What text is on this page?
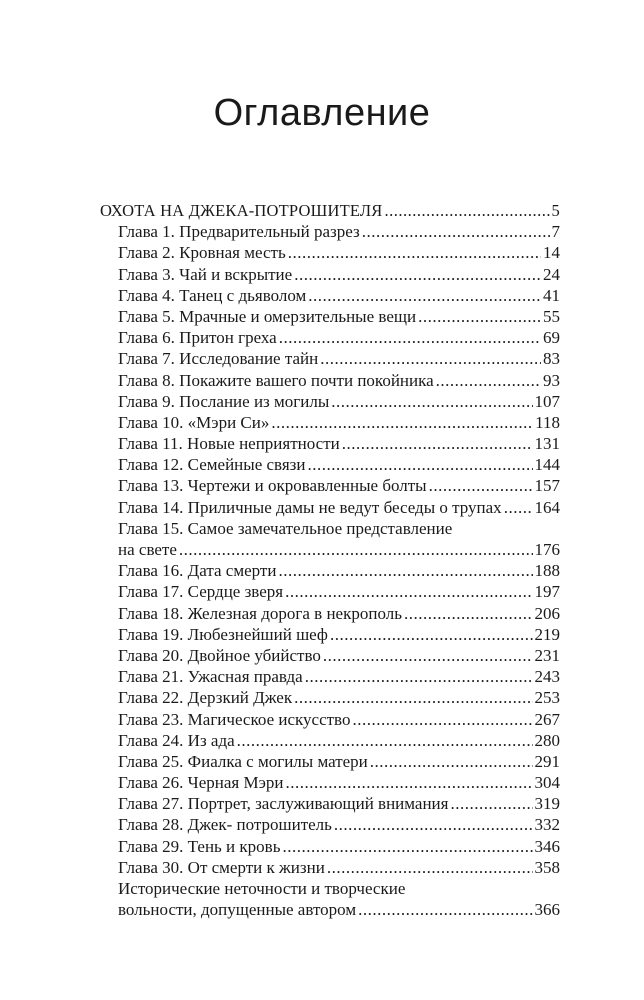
Оглавление
ОХОТА НА ДЖЕКА-ПОТРОШИТЕЛЯ .....	5
Глава 1. Предварительный разрез .....	7
Глава 2. Кровная месть .....	14
Глава 3. Чай и вскрытие .....	24
Глава 4. Танец с дьяволом .....	41
Глава 5. Мрачные и омерзительные вещи .....	55
Глава 6. Притон греха .....	69
Глава 7. Исследование тайн .....	83
Глава 8. Покажите вашего почти покойника .....	93
Глава 9. Послание из могилы .....	107
Глава 10. «Мэри Си» .....	118
Глава 11. Новые неприятности .....	131
Глава 12. Семейные связи .....	144
Глава 13. Чертежи и окровавленные болты .....	157
Глава 14. Приличные дамы не ведут беседы о трупах ..... 164
Глава 15. Самое замечательное представление
на свете .....	176
Глава 16. Дата смерти .....	188
Глава 17. Сердце зверя .....	197
Глава 18. Железная дорога в некрополь .....	206
Глава 19. Любезнейший шеф .....	219
Глава 20. Двойное убийство .....	231
Глава 21. Ужасная правда .....	243
Глава 22. Дерзкий Джек .....	253
Глава 23. Магическое искусство .....	267
Глава 24. Из ада .....	280
Глава 25. Фиалка с могилы матери .....	291
Глава 26. Черная Мэри .....	304
Глава 27. Портрет, заслуживающий внимания .....	319
Глава 28. Джек- потрошитель .....	332
Глава 29. Тень и кровь .....	346
Глава 30. От смерти к жизни .....	358
Исторические неточности и творческие
вольности, допущенные автором .....	366
